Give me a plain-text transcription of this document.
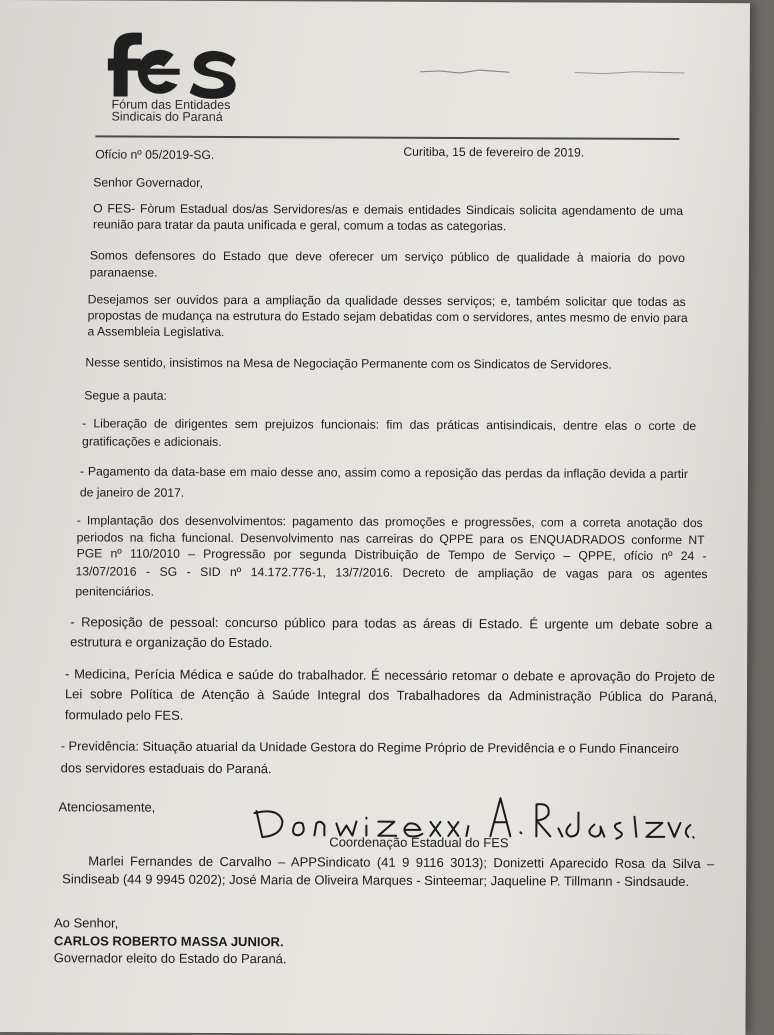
Fórum das Entidades
Sindicais do Paraná
Ofício nº 05/2019-SG.	Curitiba, 15 de fevereiro de 2019.
Senhor Governador,
O FES- Fòrum Estadual dos/as Servidores/as e demais entidades Sindicais solicita agendamento de uma
reunião para tratar da pauta unificada e geral, comum a todas as categorias.
Somos defensores do Estado que deve oferecer um serviço público de qualidade à maioria do povo
paranaense.
Desejamos ser ouvidos para a ampliação da qualidade desses serviços; e, também solicitar que todas as
propostas de mudança na estrutura do Estado sejam debatidas com o servidores, antes mesmo de envio para
a Assembleia Legislativa.
Nesse sentido, insistimos na Mesa de Negociação Permanente com os Sindicatos de Servidores.
Segue a pauta:
- Liberação de dirigentes sem prejuizos funcionais: fim das práticas antisindicais, dentre elas o corte de
gratificações e adicionais.
- Pagamento da data-base em maio desse ano, assim como a reposição das perdas da inflação devida a partir
de janeiro de 2017.
- Implantação dos desenvolvimentos: pagamento das promoções e progressões, com a correta anotação dos
periodos na ficha funcional. Desenvolvimento nas carreiras do QPPE para os ENQUADRADOS conforme NT
PGE nº 110/2010 – Progressão por segunda Distribuição de Tempo de Serviço – QPPE, ofício nº 24 -
13/07/2016 - SG - SID nº 14.172.776-1, 13/7/2016. Decreto de ampliação de vagas para os agentes
penitenciários.
- Reposição de pessoal: concurso público para todas as áreas di Estado. É urgente um debate sobre a
estrutura e organização do Estado.
- Medicina, Perícia Médica e saúde do trabalhador. É necessário retomar o debate e aprovação do Projeto de
Lei sobre Política de Atenção à Saúde Integral dos Trabalhadores da Administração Pública do Paraná,
formulado pelo FES.
- Previdência: Situação atuarial da Unidade Gestora do Regime Próprio de Previdência e o Fundo Financeiro
dos servidores estaduais do Paraná.
Atenciosamente,
Coordenação Estadual do FES
Marlei Fernandes de Carvalho – APPSindicato (41 9 9116 3013); Donizetti Aparecido Rosa da Silva –
Sindiseab (44 9 9945 0202); José Maria de Oliveira Marques - Sinteemar; Jaqueline P. Tillmann - Sindsaude.
Ao Senhor,
CARLOS ROBERTO MASSA JUNIOR.
Governador eleito do Estado do Paraná.
